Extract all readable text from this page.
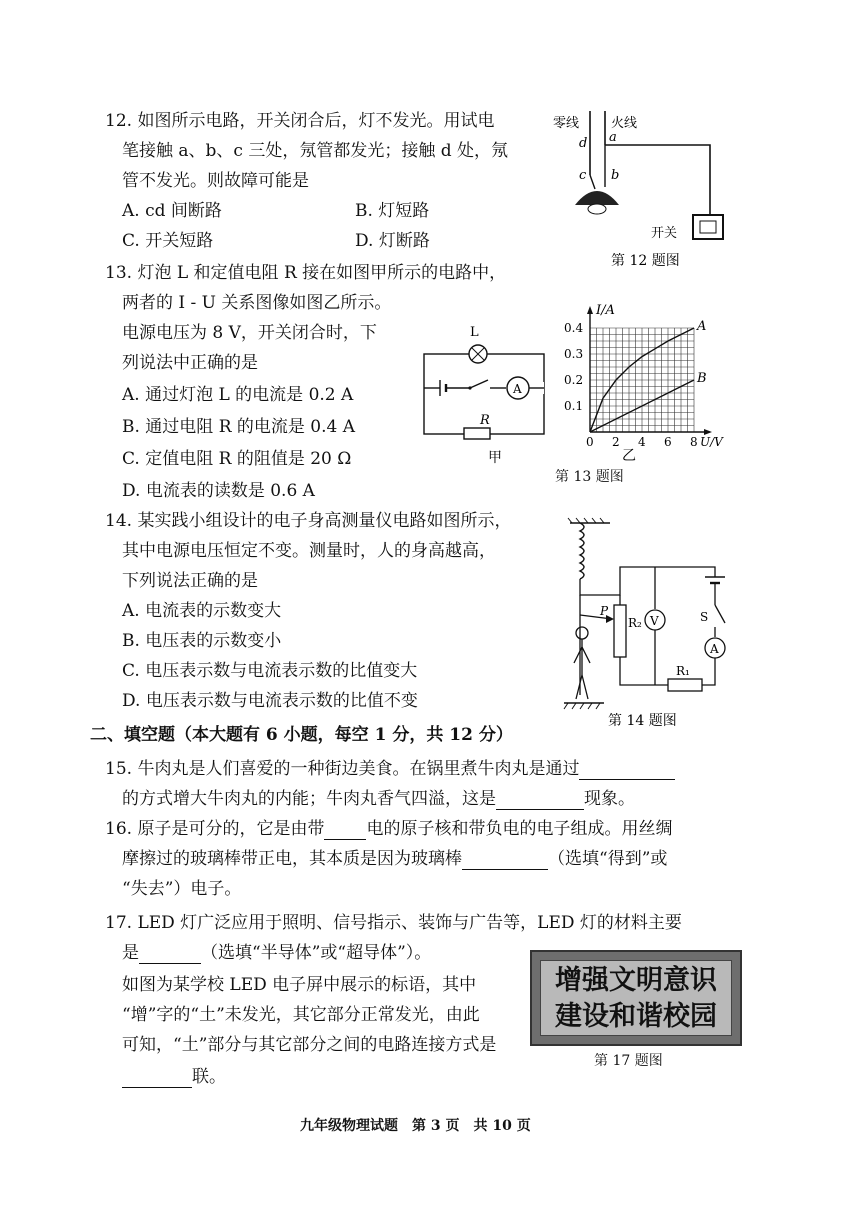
12. 如图所示电路，开关闭合后，灯不发光。用试电
笔接触 a、b、c 三处，氖管都发光；接触 d 处，氖
管不发光。则故障可能是
A. cd 间断路	B. 灯短路
C. 开关短路	D. 灯断路
零线 火线
d a
c b
开关
第 12 题图
13. 灯泡 L 和定值电阻 R 接在如图甲所示的电路中，
两者的 I - U 关系图像如图乙所示。
电源电压为 8 V，开关闭合时，下
列说法中正确的是
A. 通过灯泡 L 的电流是 0.2 A
B. 通过电阻 R 的电流是 0.4 A
C. 定值电阻 R 的阻值是 20 Ω
D. 电流表的读数是 0.6 A
L
A
R
甲
I/A
U/V
0 2 4 6 8
0.1
0.2
0.3
0.4	A
B
乙
第 13 题图
14. 某实践小组设计的电子身高测量仪电路如图所示，
其中电源电压恒定不变。测量时，人的身高越高，
下列说法正确的是
A. 电流表的示数变大
B. 电压表的示数变小
C. 电压表示数与电流表示数的比值变大
D. 电压表示数与电流表示数的比值不变
P
R₂ V	S
A
R₁
第 14 题图
二、填空题（本大题有 6 小题，每空 1 分，共 12 分）
15. 牛肉丸是人们喜爱的一种街边美食。在锅里煮牛肉丸是通过
的方式增大牛肉丸的内能；牛肉丸香气四溢，这是	现象。
16. 原子是可分的，它是由带 电的原子核和带负电的电子组成。用丝绸
摩擦过的玻璃棒带正电，其本质是因为玻璃棒	（选填“得到”或
“失去”）电子。
17. LED 灯广泛应用于照明、信号指示、装饰与广告等，LED 灯的材料主要
是	（选填“半导体”或“超导体”）。
如图为某学校 LED 电子屏中展示的标语，其中
“增”字的“土”未发光，其它部分正常发光，由此
可知，“土”部分与其它部分之间的电路连接方式是
联。
增强文明意识
建设和谐校园
第 17 题图
九年级物理试题　第 3 页　共 10 页
